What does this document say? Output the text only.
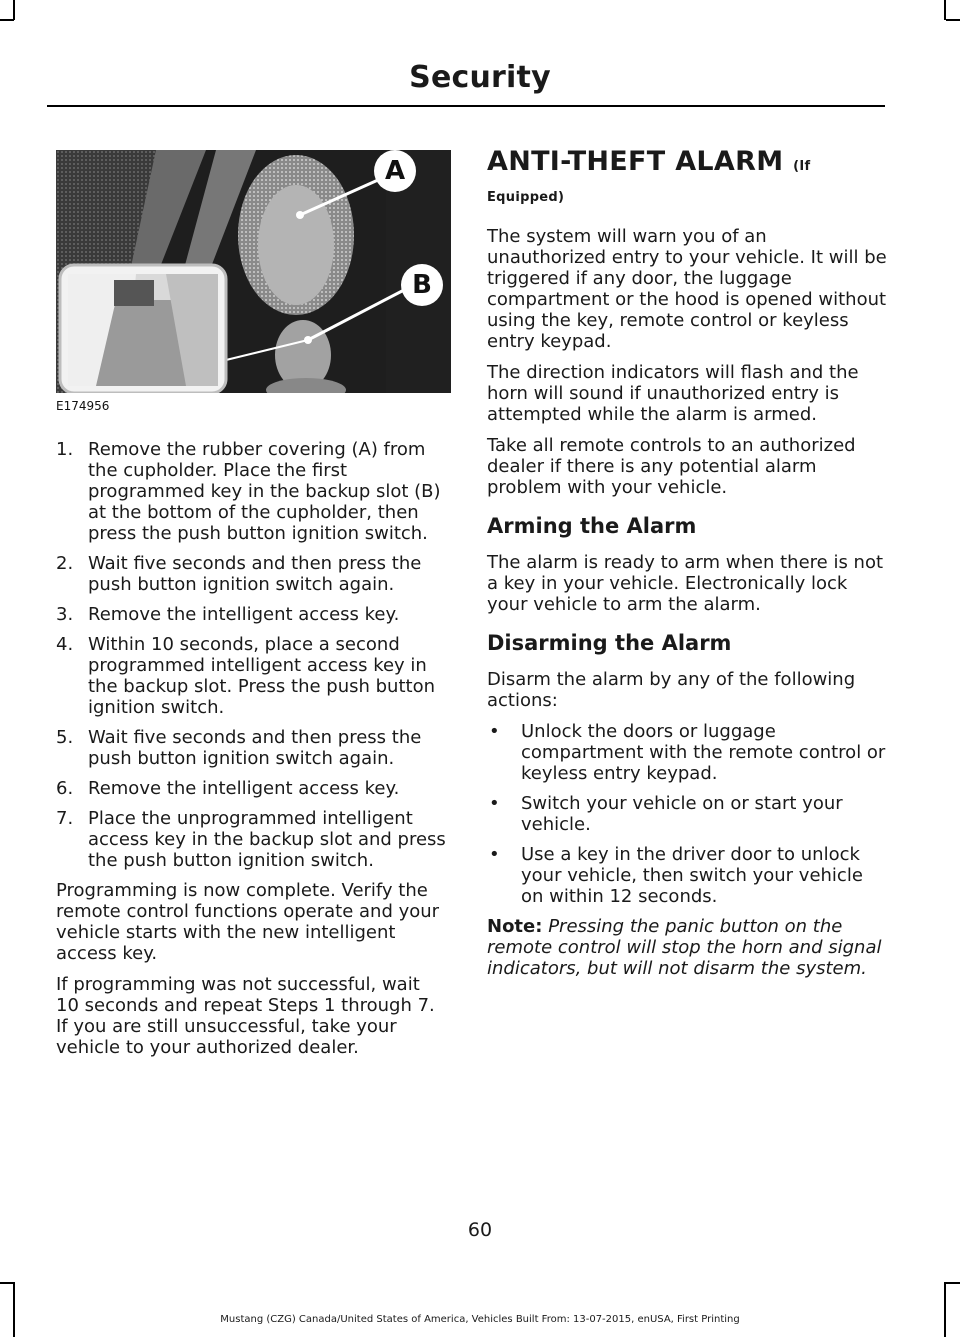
Security
A
B
E174956
1. Remove the rubber covering (A) from the cupholder. Place the first programmed key in the backup slot (B) at the bottom of the cupholder, then press the push button ignition switch.
2. Wait five seconds and then press the push button ignition switch again.
3. Remove the intelligent access key.
4. Within 10 seconds, place a second programmed intelligent access key in the backup slot. Press the push button ignition switch.
5. Wait five seconds and then press the push button ignition switch again.
6. Remove the intelligent access key.
7. Place the unprogrammed intelligent access key in the backup slot and press the push button ignition switch.

Programming is now complete. Verify the remote control functions operate and your vehicle starts with the new intelligent access key.

If programming was not successful, wait 10 seconds and repeat Steps 1 through 7. If you are still unsuccessful, take your vehicle to your authorized dealer.

ANTI-THEFT ALARM (If Equipped)

The system will warn you of an unauthorized entry to your vehicle. It will be triggered if any door, the luggage compartment or the hood is opened without using the key, remote control or keyless entry keypad.

The direction indicators will flash and the horn will sound if unauthorized entry is attempted while the alarm is armed.

Take all remote controls to an authorized dealer if there is any potential alarm problem with your vehicle.

Arming the Alarm

The alarm is ready to arm when there is not a key in your vehicle. Electronically lock your vehicle to arm the alarm.

Disarming the Alarm

Disarm the alarm by any of the following actions:

• Unlock the doors or luggage compartment with the remote control or keyless entry keypad.
• Switch your vehicle on or start your vehicle.
• Use a key in the driver door to unlock your vehicle, then switch your vehicle on within 12 seconds.
Note: Pressing the panic button on the remote control will stop the horn and signal indicators, but will not disarm the system.
60
Mustang (CZG) Canada/United States of America, Vehicles Built From: 13-07-2015, enUSA, First Printing
